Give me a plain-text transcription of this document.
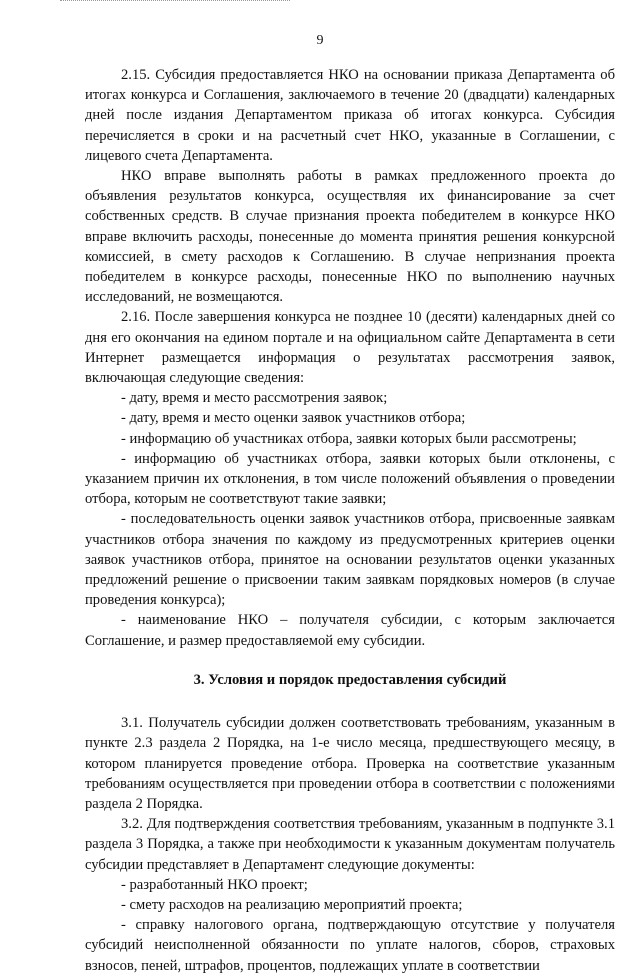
9

2.15. Субсидия предоставляется НКО на основании приказа Департамента об итогах конкурса и Соглашения, заключаемого в течение 20 (двадцати) календарных дней после издания Департаментом приказа об итогах конкурса. Субсидия перечисляется в сроки и на расчетный счет НКО, указанные в Соглашении, с лицевого счета Департамента.

НКО вправе выполнять работы в рамках предложенного проекта до объявления результатов конкурса, осуществляя их финансирование за счет собственных средств. В случае признания проекта победителем в конкурсе НКО вправе включить расходы, понесенные до момента принятия решения конкурсной комиссией, в смету расходов к Соглашению. В случае непризнания проекта победителем в конкурсе расходы, понесенные НКО по выполнению научных исследований, не возмещаются.

2.16. После завершения конкурса не позднее 10 (десяти) календарных дней со дня его окончания на едином портале и на официальном сайте Департамента в сети Интернет размещается информация о результатах рассмотрения заявок, включающая следующие сведения:

- дату, время и место рассмотрения заявок;

- дату, время и место оценки заявок участников отбора;

- информацию об участниках отбора, заявки которых были рассмотрены;

- информацию об участниках отбора, заявки которых были отклонены, с указанием причин их отклонения, в том числе положений объявления о проведении отбора, которым не соответствуют такие заявки;

- последовательность оценки заявок участников отбора, присвоенные заявкам участников отбора значения по каждому из предусмотренных критериев оценки заявок участников отбора, принятое на основании результатов оценки указанных предложений решение о присвоении таким заявкам порядковых номеров (в случае проведения конкурса);

- наименование НКО – получателя субсидии, с которым заключается Соглашение, и размер предоставляемой ему субсидии.

3. Условия и порядок предоставления субсидий

3.1. Получатель субсидии должен соответствовать требованиям, указанным в пункте 2.3 раздела 2 Порядка, на 1-е число месяца, предшествующего месяцу, в котором планируется проведение отбора. Проверка на соответствие указанным требованиям осуществляется при проведении отбора в соответствии с положениями раздела 2 Порядка.

3.2. Для подтверждения соответствия требованиям, указанным в подпункте 3.1 раздела 3 Порядка, а также при необходимости к указанным документам получатель субсидии представляет в Департамент следующие документы:

- разработанный НКО проект;

- смету расходов на реализацию мероприятий проекта;

- справку налогового органа, подтверждающую отсутствие у получателя субсидий неисполненной обязанности по уплате налогов, сборов, страховых взносов, пеней, штрафов, процентов, подлежащих уплате в соответствии
